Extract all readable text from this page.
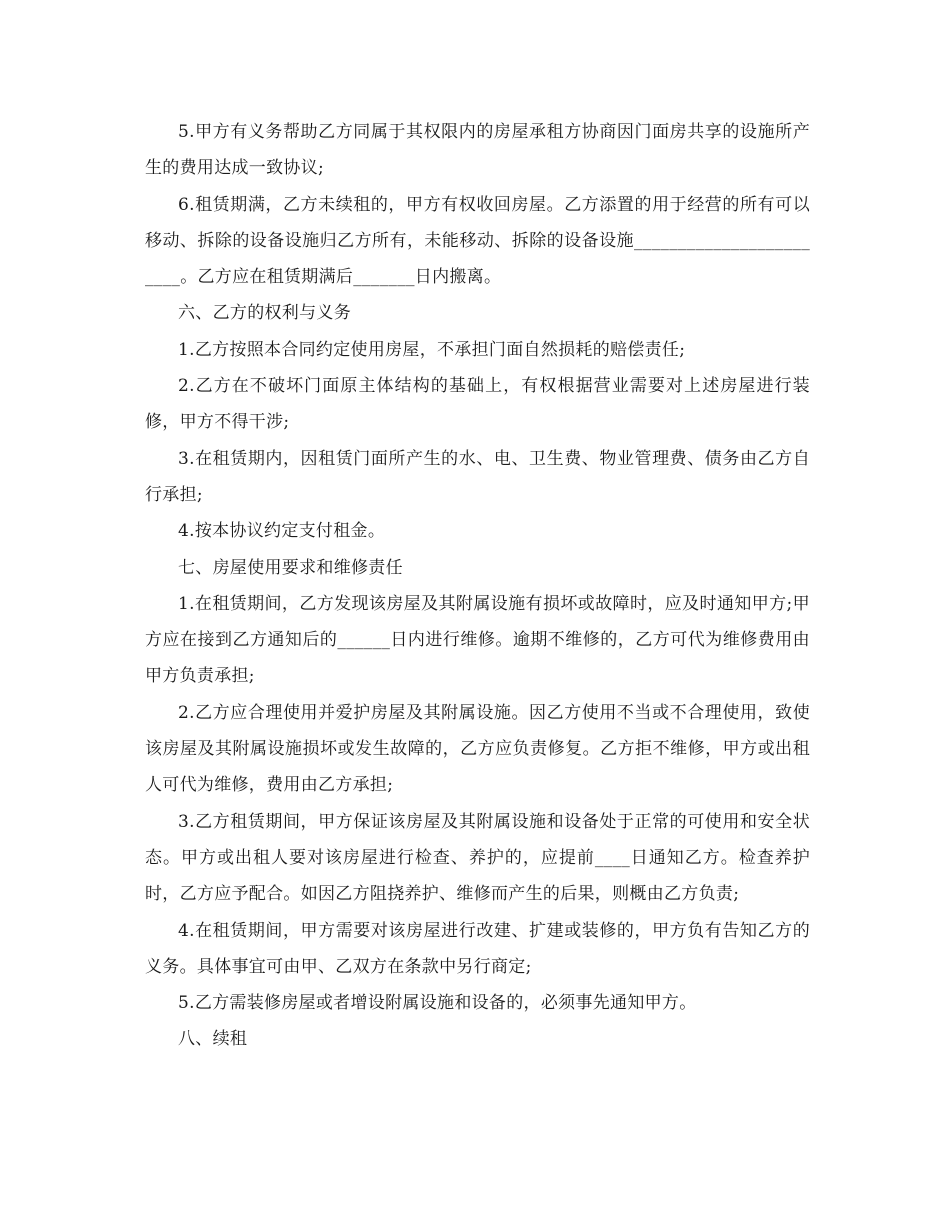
5.甲方有义务帮助乙方同属于其权限内的房屋承租方协商因门面房共享的设施所产生的费用达成一致协议;

6.租赁期满，乙方未续租的，甲方有权收回房屋。乙方添置的用于经营的所有可以移动、拆除的设备设施归乙方所有，未能移动、拆除的设备设施________________________。乙方应在租赁期满后_______日内搬离。

六、乙方的权利与义务

1.乙方按照本合同约定使用房屋，不承担门面自然损耗的赔偿责任;

2.乙方在不破坏门面原主体结构的基础上，有权根据营业需要对上述房屋进行装修，甲方不得干涉;

3.在租赁期内，因租赁门面所产生的水、电、卫生费、物业管理费、债务由乙方自行承担;

4.按本协议约定支付租金。

七、房屋使用要求和维修责任

1.在租赁期间，乙方发现该房屋及其附属设施有损坏或故障时，应及时通知甲方;甲方应在接到乙方通知后的______日内进行维修。逾期不维修的，乙方可代为维修费用由甲方负责承担;

2.乙方应合理使用并爱护房屋及其附属设施。因乙方使用不当或不合理使用，致使该房屋及其附属设施损坏或发生故障的，乙方应负责修复。乙方拒不维修，甲方或出租人可代为维修，费用由乙方承担;

3.乙方租赁期间，甲方保证该房屋及其附属设施和设备处于正常的可使用和安全状态。甲方或出租人要对该房屋进行检查、养护的，应提前____日通知乙方。检查养护时，乙方应予配合。如因乙方阻挠养护、维修而产生的后果，则概由乙方负责;

4.在租赁期间，甲方需要对该房屋进行改建、扩建或装修的，甲方负有告知乙方的义务。具体事宜可由甲、乙双方在条款中另行商定;

5.乙方需装修房屋或者增设附属设施和设备的，必须事先通知甲方。

八、续租
